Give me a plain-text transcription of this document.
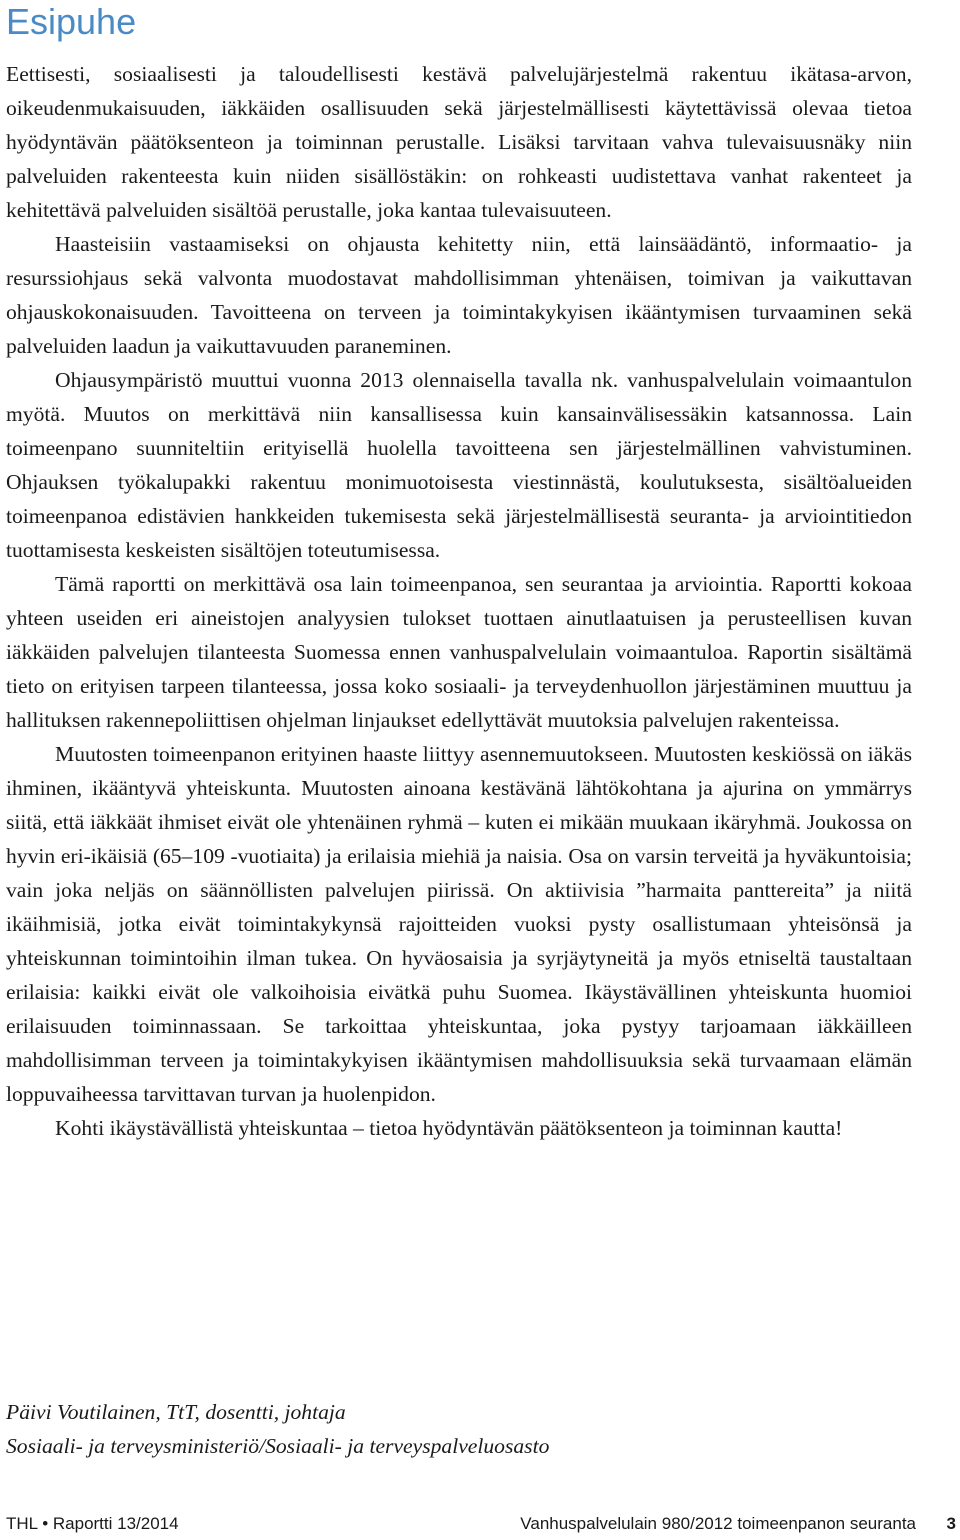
Esipuhe

Eettisesti, sosiaalisesti ja taloudellisesti kestävä palvelujärjestelmä rakentuu ikätasa-arvon, oikeudenmukaisuuden, iäkkäiden osallisuuden sekä järjestelmällisesti käytettävissä olevaa tietoa hyödyntävän päätöksenteon ja toiminnan perustalle. Lisäksi tarvitaan vahva tulevaisuusnäky niin palveluiden rakenteesta kuin niiden sisällöstäkin: on rohkeasti uudistettava vanhat rakenteet ja kehitettävä palveluiden sisältöä perustalle, joka kantaa tulevaisuuteen.

Haasteisiin vastaamiseksi on ohjausta kehitetty niin, että lainsäädäntö, informaatio- ja resurssiohjaus sekä valvonta muodostavat mahdollisimman yhtenäisen, toimivan ja vaikuttavan ohjauskokonaisuuden. Tavoitteena on terveen ja toimintakykyisen ikääntymisen turvaaminen sekä palveluiden laadun ja vaikuttavuuden paraneminen.

Ohjausympäristö muuttui vuonna 2013 olennaisella tavalla nk. vanhuspalvelulain voimaantulon myötä. Muutos on merkittävä niin kansallisessa kuin kansainvälisessäkin katsannossa. Lain toimeenpano suunniteltiin erityisellä huolella tavoitteena sen järjestelmällinen vahvistuminen. Ohjauksen työkalupakki rakentuu monimuotoisesta viestinnästä, koulutuksesta, sisältöalueiden toimeenpanoa edistävien hankkeiden tukemisesta sekä järjestelmällisestä seuranta- ja arviointitiedon tuottamisesta keskeisten sisältöjen toteutumisessa.

Tämä raportti on merkittävä osa lain toimeenpanoa, sen seurantaa ja arviointia. Raportti kokoaa yhteen useiden eri aineistojen analyysien tulokset tuottaen ainutlaatuisen ja perusteellisen kuvan iäkkäiden palvelujen tilanteesta Suomessa ennen vanhuspalvelulain voimaantuloa. Raportin sisältämä tieto on erityisen tarpeen tilanteessa, jossa koko sosiaali- ja terveydenhuollon järjestäminen muuttuu ja hallituksen rakennepoliittisen ohjelman linjaukset edellyttävät muutoksia palvelujen rakenteissa.

Muutosten toimeenpanon erityinen haaste liittyy asennemuutokseen. Muutosten keskiössä on iäkäs ihminen, ikääntyvä yhteiskunta. Muutosten ainoana kestävänä lähtökohtana ja ajurina on ymmärrys siitä, että iäkkäät ihmiset eivät ole yhtenäinen ryhmä – kuten ei mikään muukaan ikäryhmä. Joukossa on hyvin eri-ikäisiä (65–109 -vuotiaita) ja erilaisia miehiä ja naisia. Osa on varsin terveitä ja hyväkuntoisia; vain joka neljäs on säännöllisten palvelujen piirissä. On aktiivisia ”harmaita panttereita” ja niitä ikäihmisiä, jotka eivät toimintakykynsä rajoitteiden vuoksi pysty osallistumaan yhteisönsä ja yhteiskunnan toimintoihin ilman tukea. On hyväosaisia ja syrjäytyneitä ja myös etniseltä taustaltaan erilaisia: kaikki eivät ole valkoihoisia eivätkä puhu Suomea. Ikäystävällinen yhteiskunta huomioi erilaisuuden toiminnassaan. Se tarkoittaa yhteiskuntaa, joka pystyy tarjoamaan iäkkäilleen mahdollisimman terveen ja toimintakykyisen ikääntymisen mahdollisuuksia sekä turvaamaan elämän loppuvaiheessa tarvittavan turvan ja huolenpidon.

Kohti ikäystävällistä yhteiskuntaa – tietoa hyödyntävän päätöksenteon ja toiminnan kautta!

Päivi Voutilainen, TtT, dosentti, johtaja
Sosiaali- ja terveysministeriö/Sosiaali- ja terveyspalveluosasto
THL • Raportti 13/2014	Vanhuspalvelulain 980/2012 toimeenpanon seuranta 3
